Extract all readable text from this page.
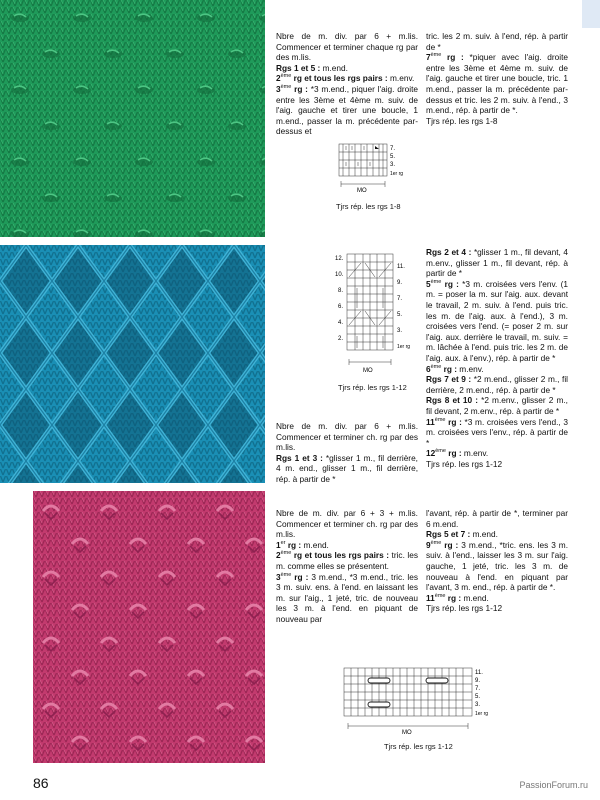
Nbre de m. div. par 6 + m.lis. Commencer et terminer chaque rg par des m.lis.

Rgs 1 et 5 : m.end.

2ème rg et tous les rgs pairs : m.env.

3ème rg : *3 m.end., piquer l'aig. droite entre les 3ème et 4ème m. suiv. de l'aig. gauche et tirer une boucle, 1 m.end., passer la m. précédente par-dessus et

tric. les 2 m. suiv. à l'end, rép. à partir de *

7ème rg : *piquer avec l'aig. droite entre les 3ème et 4ème m. suiv. de l'aig. gauche et tirer une boucle, tric. 1 m.end., passer la m. précédente par-dessus et tric. les 2 m. suiv. à l'end., 3 m.end., rép. à partir de *.

Tjrs rép. les rgs 1-8

7.
5.
3.
1er rg
MO
Tjrs rép. les rgs 1-8
12.
10.
8.
6.
4.
2.
11.
9.
7.
5.
3.
1er rg
MO
Tjrs rép. les rgs 1-12

Nbre de m. div. par 6 + m.lis. Commencer et terminer ch. rg par des m.lis.

Rgs 1 et 3 : *glisser 1 m., fil derrière, 4 m. end., glisser 1 m., fil derrière, rép. à partir de *

Rgs 2 et 4 : *glisser 1 m., fil devant, 4 m.env., glisser 1 m., fil devant, rép. à partir de *

5ème rg : *3 m. croisées vers l'env. (1 m. = poser la m. sur l'aig. aux. devant le travail, 2 m. suiv. à l'end. puis tric. les m. de l'aig. aux. à l'end.), 3 m. croisées vers l'end. (= poser 2 m. sur l'aig. aux. derrière le travail, m. suiv. = m. lâchée à l'end. puis tric. les 2 m. de l'aig. aux. à l'env.), rép. à partir de *

6ème rg : m.env.

Rgs 7 et 9 : *2 m.end., glisser 2 m., fil derrière, 2 m.end., rép. à partir de *

Rgs 8 et 10 : *2 m.env., glisser 2 m., fil devant, 2 m.env., rép. à partir de *

11ème rg : *3 m. croisées vers l'end., 3 m. croisées vers l'env., rép. à partir de *

12ème rg : m.env.

Tjrs rép. les rgs 1-12

Nbre de m. div. par 6 + 3 + m.lis. Commencer et terminer ch. rg par des m.lis.

1er rg : m.end.

2ème rg et tous les rgs pairs : tric. les m. comme elles se présentent.

3ème rg : 3 m.end., *3 m.end., tric. les 3 m. suiv. ens. à l'end. en laissant les m. sur l'aig., 1 jeté, tric. de nouveau les 3 m. à l'end. en piquant de nouveau par

l'avant, rép. à partir de *, terminer par 6 m.end.

Rgs 5 et 7 : m.end.

9ème rg : 3 m.end., *tric. ens. les 3 m. suiv. à l'end., laisser les 3 m. sur l'aig. gauche, 1 jeté, tric. les 3 m. de nouveau à l'end. en piquant par l'avant, 3 m. end., rép. à partir de *.

11ème rg : m.end.

Tjrs rép. les rgs 1-12

11.
9.
7.
5.
3.
1er rg
MO
Tjrs rép. les rgs 1-12
86	PassionForum.ru
